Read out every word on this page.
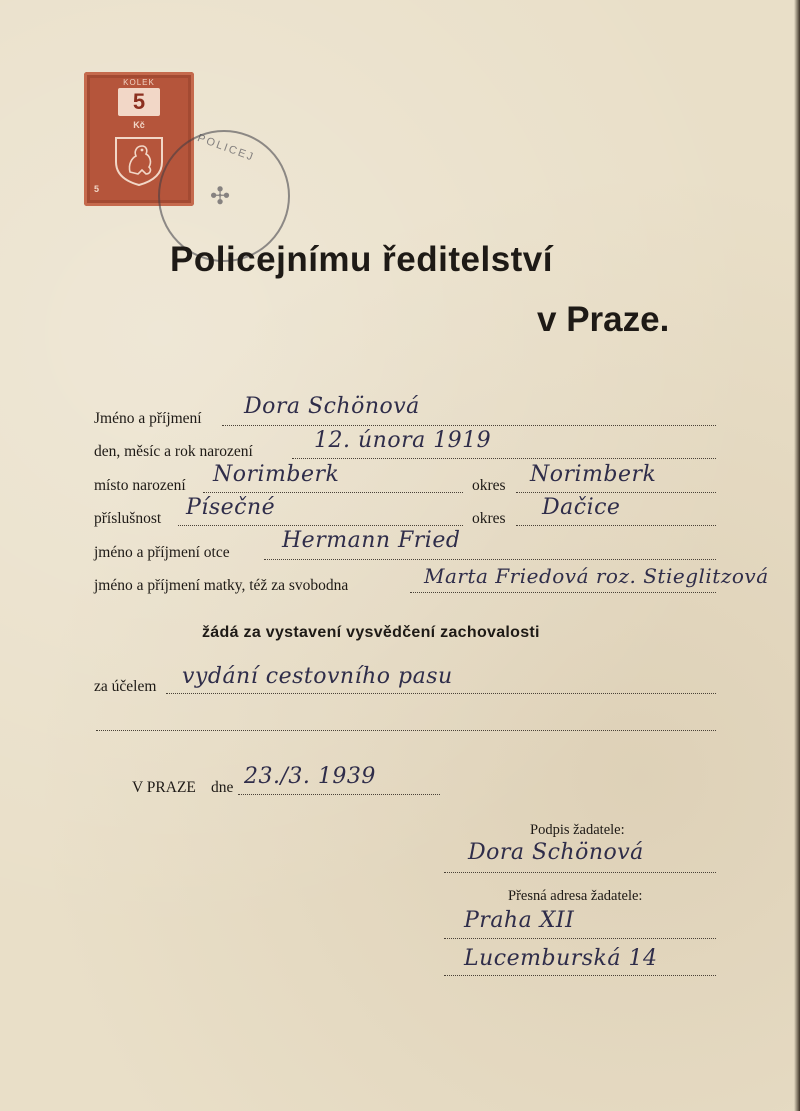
KOLEK
5
Kč
5
POLICEJ
✣
Policejnímu ředitelství
v Praze.
Jméno a příjmení Dora Schönová
den, měsíc a rok narození	12. února 1919
místo narození Norimberk	okres Norimberk
příslušnost Písečné	okres Dačice
jméno a příjmení otce Hermann Fried
jméno a příjmení matky, též za svobodna	Marta Friedová roz. Stieglitzová
žádá za vystavení vysvědčení zachovalosti
za účelem vydání cestovního pasu
V PRAZE dne 23./3. 1939
Podpis žadatele:
Dora Schönová
Přesná adresa žadatele:
Praha XII
Lucemburská 14
